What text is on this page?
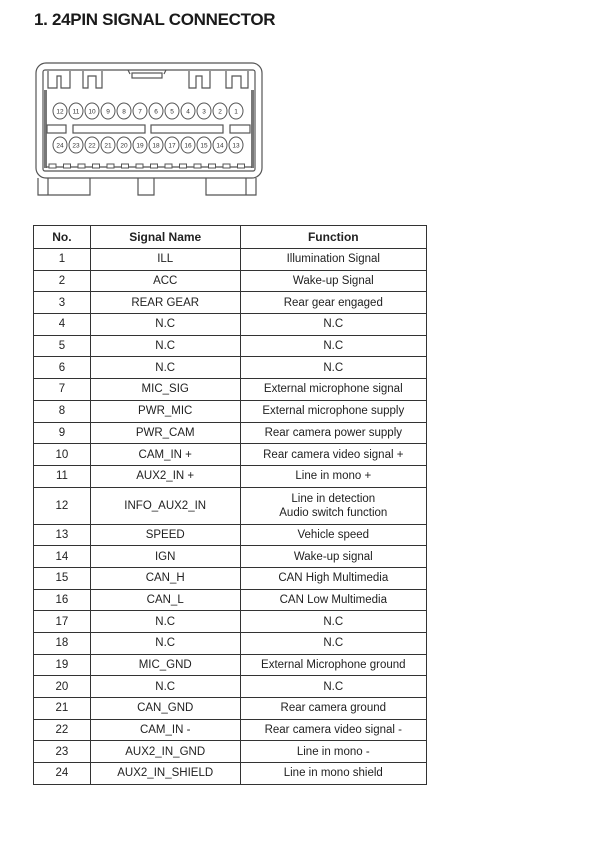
1. 24PIN SIGNAL CONNECTOR
12 11 10 9 8 7 6 5 4 3 2 1
24 23 22 21 20 19 18 17 16 15 14 13
No.	Signal Name	Function
1	ILL	Illumination Signal

2	ACC	Wake-up Signal

3	REAR GEAR	Rear gear engaged

4	N.C	N.C

5	N.C	N.C

6	N.C	N.C

7	MIC_SIG	External microphone signal

8	PWR_MIC	External microphone supply

9	PWR_CAM	Rear camera power supply

10	CAM_IN +	Rear camera video signal +

11	AUX2_IN +	Line in mono +

12	INFO_AUX2_IN	Line in detection
Audio switch function

13	SPEED	Vehicle speed

14	IGN	Wake-up signal

15	CAN_H	CAN High Multimedia

16	CAN_L	CAN Low Multimedia

17	N.C	N.C

18	N.C	N.C

19	MIC_GND	External Microphone ground

20	N.C	N.C

21	CAN_GND	Rear camera ground

22	CAM_IN -	Rear camera video signal -

23	AUX2_IN_GND	Line in mono -

24	AUX2_IN_SHIELD	Line in mono shield
